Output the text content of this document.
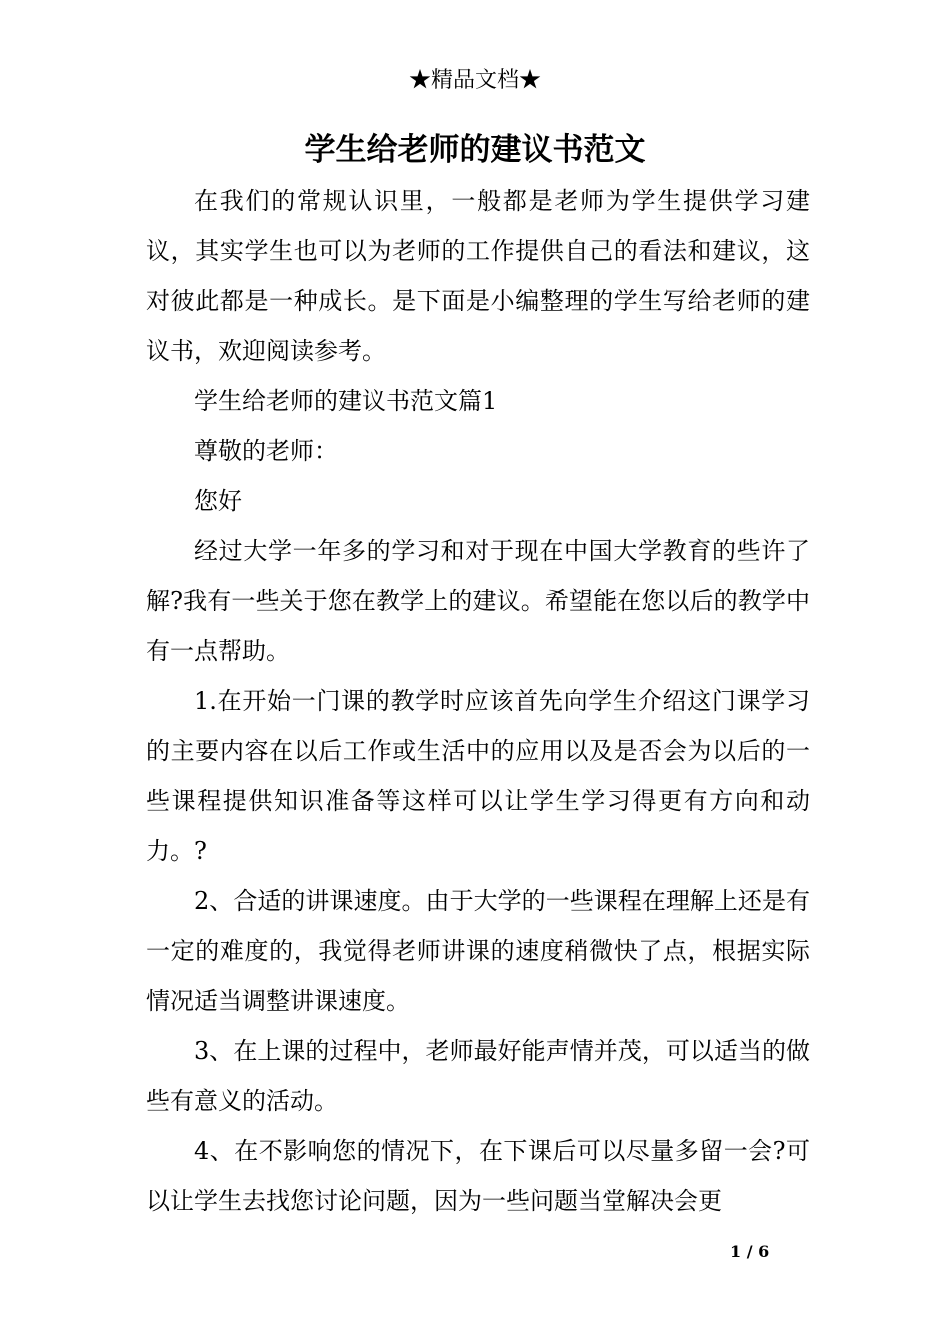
★精品文档★
学生给老师的建议书范文

在我们的常规认识里，一般都是老师为学生提供学习建议，其实学生也可以为老师的工作提供自己的看法和建议，这对彼此都是一种成长。是下面是小编整理的学生写给老师的建议书，欢迎阅读参考。

学生给老师的建议书范文篇1

尊敬的老师：

您好

经过大学一年多的学习和对于现在中国大学教育的些许了解?我有一些关于您在教学上的建议。希望能在您以后的教学中有一点帮助。

1.在开始一门课的教学时应该首先向学生介绍这门课学习的主要内容在以后工作或生活中的应用以及是否会为以后的一些课程提供知识准备等这样可以让学生学习得更有方向和动力。?

2、合适的讲课速度。由于大学的一些课程在理解上还是有一定的难度的，我觉得老师讲课的速度稍微快了点，根据实际情况适当调整讲课速度。

3、在上课的过程中，老师最好能声情并茂，可以适当的做些有意义的活动。

4、在不影响您的情况下，在下课后可以尽量多留一会?可以让学生去找您讨论问题，因为一些问题当堂解决会更

1 / 6
